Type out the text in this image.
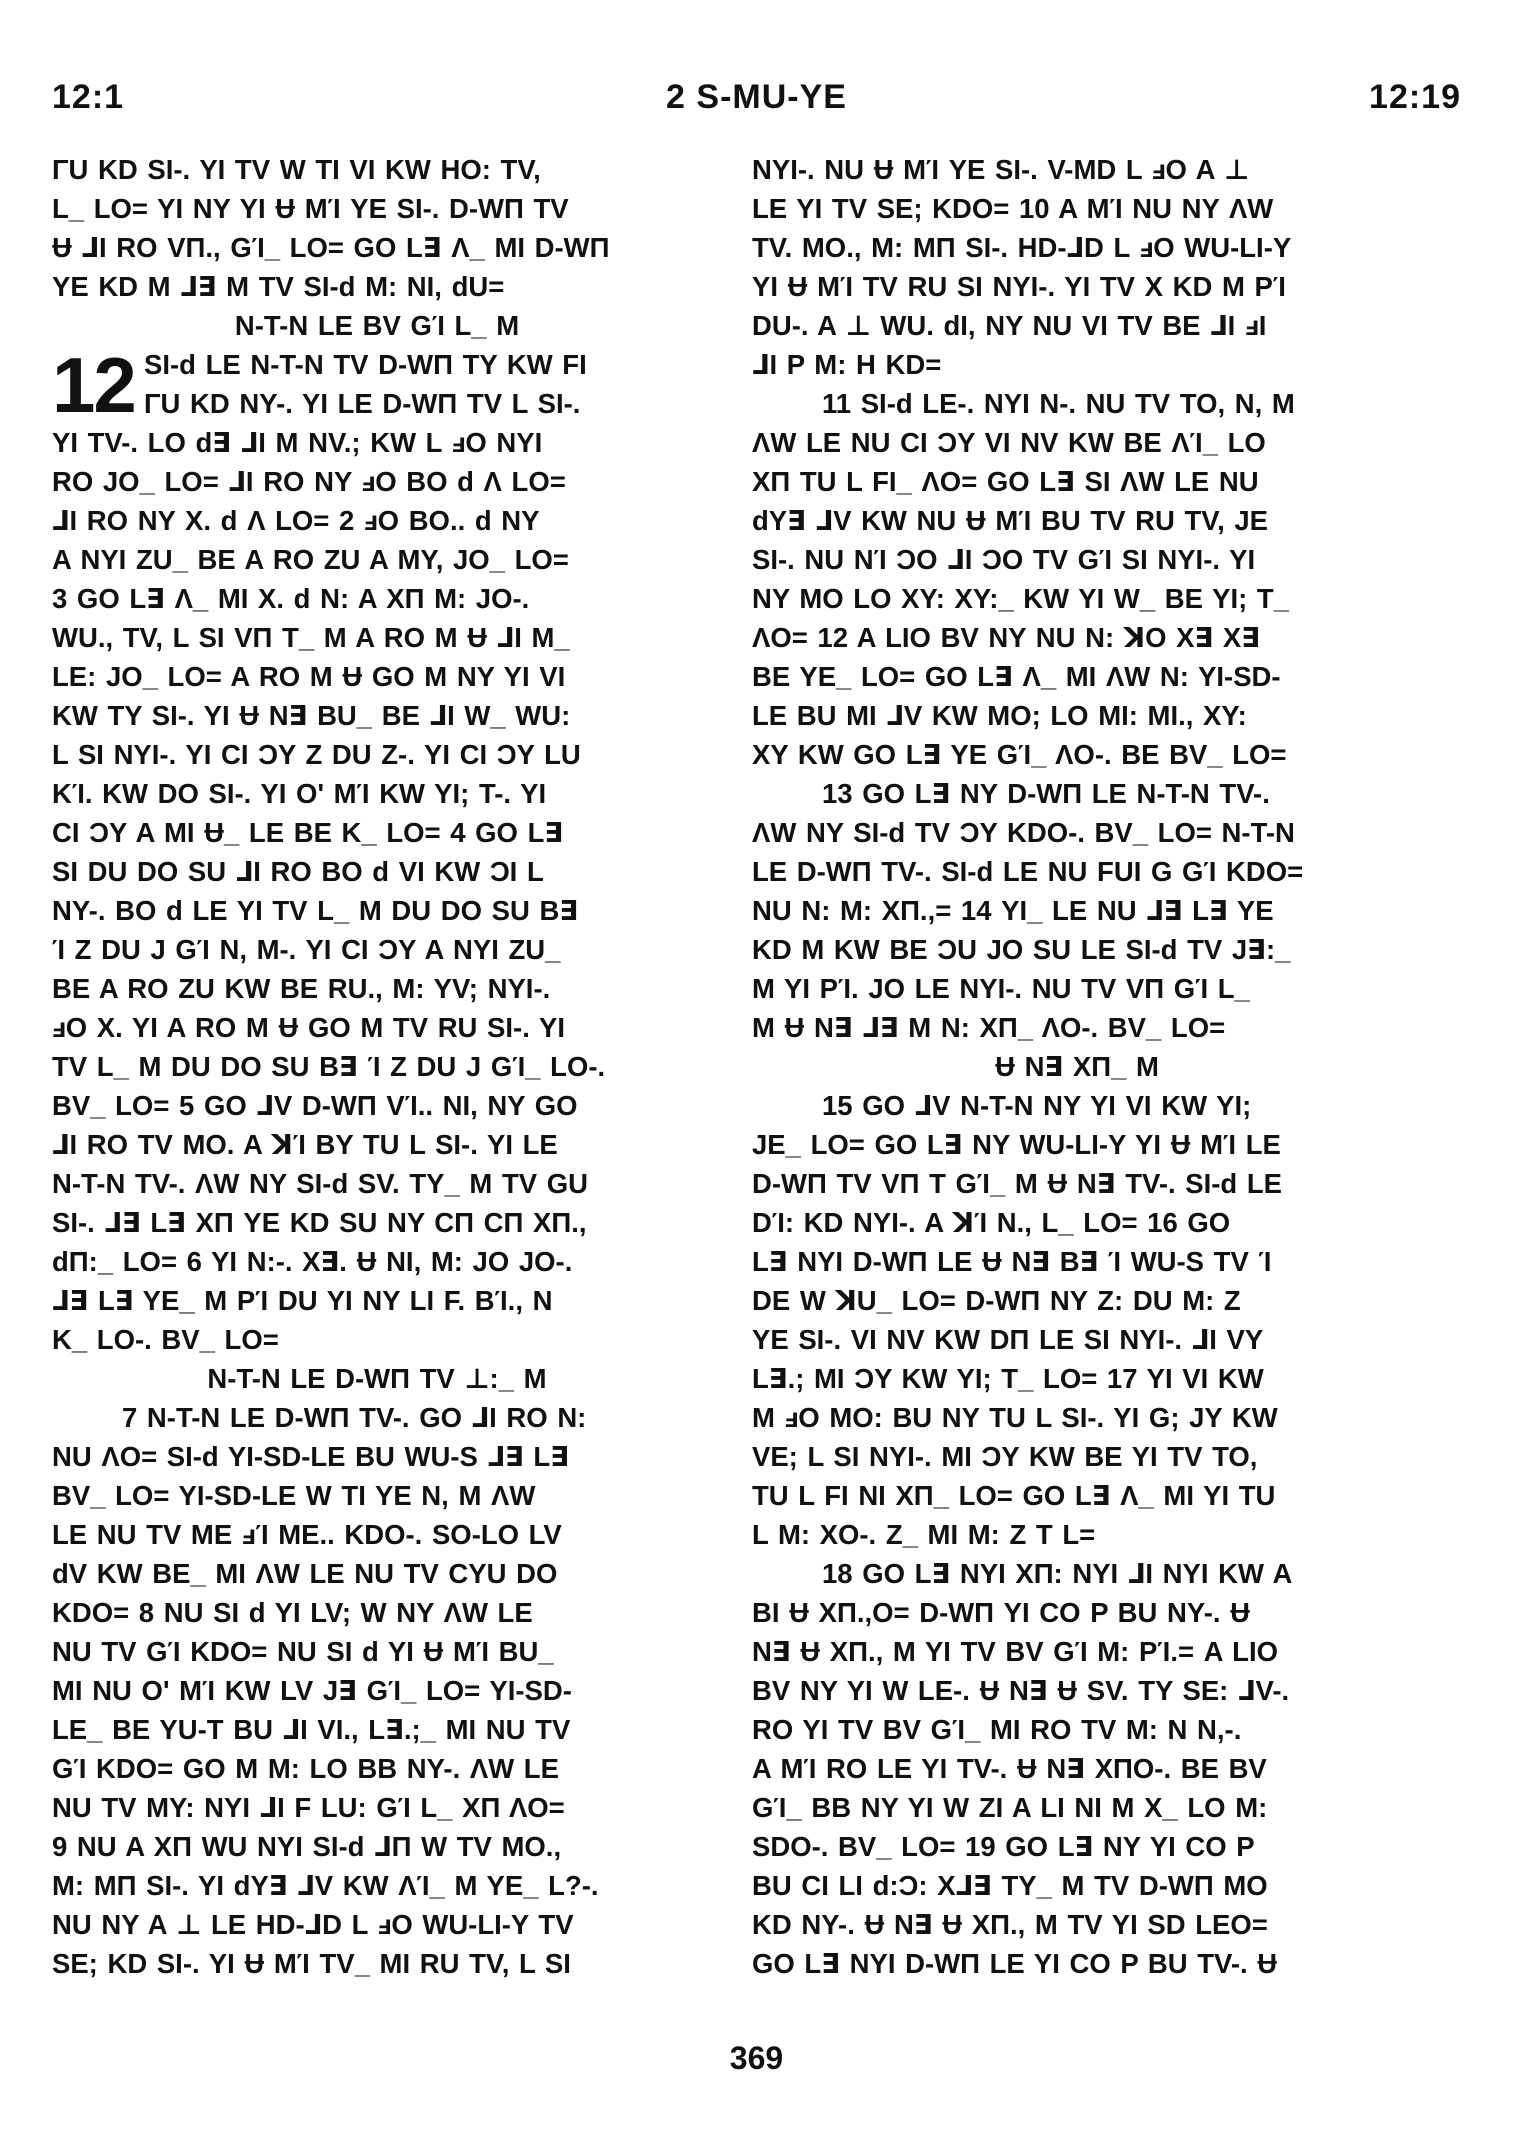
12:1	2 S-MU-YE	12:19
ΓU KD SI-. YI TV W TI VI KW HO: TV,
L_ LO= YI NY YI Ʉ MΊ YE SI-. D-WΠ TV
Ʉ ⅃I RO VΠ., GΊ_ LO= GO L∃ Λ_ MI D-WΠ
YE KD M ⅃∃ M TV SI-d M: NI, dU=
N-T-N LE BV GΊ L_ M
12 SI-d LE N-T-N TV D-WΠ TY KW FI
ΓU KD NY-. YI LE D-WΠ TV L SI-.
YI TV-. LO d∃ ⅃I M NV.; KW L ⅎO NYI
RO JO_ LO= ⅃I RO NY ⅎO BO d Λ LO=
⅃I RO NY X. d Λ LO= 2 ⅎO BO.. d NY
A NYI ZU_ BE A RO ZU A MY, JO_ LO=
3 GO L∃ Λ_ MI X. d N: A XΠ M: JO-.
WU., TV, L SI VΠ T_ M A RO M Ʉ ⅃I M_
LE: JO_ LO= A RO M Ʉ GO M NY YI VI
KW TY SI-. YI Ʉ N∃ BU_ BE ⅃I W_ WU:
L SI NYI-. YI CI ƆY Z DU Z-. YI CI ƆY LU
KΊ. KW DO SI-. YI O' MΊ KW YI; T-. YI
CI ƆY A MI Ʉ_ LE BE K_ LO= 4 GO L∃
SI DU DO SU ⅃I RO BO d VI KW ƆI L
NY-. BO d LE YI TV L_ M DU DO SU B∃
Ί Z DU J GΊ N, M-. YI CI ƆY A NYI ZU_
BE A RO ZU KW BE RU., M: YV; NYI-.
ⅎO X. YI A RO M Ʉ GO M TV RU SI-. YI
TV L_ M DU DO SU B∃ Ί Z DU J GΊ_ LO-.
BV_ LO= 5 GO ⅃V D-WΠ VΊ.. NI, NY GO
⅃I RO TV MO. A ꓘΊ BY TU L SI-. YI LE
N-T-N TV-. ΛW NY SI-d SV. TY_ M TV GU
SI-. ⅃∃ L∃ XΠ YE KD SU NY CΠ CΠ XΠ.,
dΠ:_ LO= 6 YI N:-. X∃. Ʉ NI, M: JO JO-.
⅃∃ L∃ YE_ M PΊ DU YI NY LI F. BΊ., N
K_ LO-. BV_ LO=
N-T-N LE D-WΠ TV ⊥:_ M
7 N-T-N LE D-WΠ TV-. GO ⅃I RO N:
NU ΛO= SI-d YI-SD-LE BU WU-S ⅃∃ L∃
BV_ LO= YI-SD-LE W TI YE N, M ΛW
LE NU TV ME ⅎΊ ME.. KDO-. SO-LO LV
dV KW BE_ MI ΛW LE NU TV CYU DO
KDO= 8 NU SI d YI LV; W NY ΛW LE
NU TV GΊ KDO= NU SI d YI Ʉ MΊ BU_
MI NU O' MΊ KW LV J∃ GΊ_ LO= YI-SD-
LE_ BE YU-T BU ⅃I VI., L∃.;_ MI NU TV
GΊ KDO= GO M M: LO BB NY-. ΛW LE
NU TV MY: NYI ⅃I F LU: GΊ L_ XΠ ΛO=
9 NU A XΠ WU NYI SI-d ⅃Π W TV MO.,
M: MΠ SI-. YI dY∃ ⅃V KW ΛΊ_ M YE_ L?-.
NU NY A ⊥ LE HD-⅃D L ⅎO WU-LI-Y TV
SE; KD SI-. YI Ʉ MΊ TV_ MI RU TV, L SI
NYI-. NU Ʉ MΊ YE SI-. V-MD L ⅎO A ⊥
LE YI TV SE; KDO= 10 A MΊ NU NY ΛW
TV. MO., M: MΠ SI-. HD-⅃D L ⅎO WU-LI-Y
YI Ʉ MΊ TV RU SI NYI-. YI TV X KD M PΊ
DU-. A ⊥ WU. dI, NY NU VI TV BE ⅃I ⅎI
⅃I P M: H KD=
11 SI-d LE-. NYI N-. NU TV TO, N, M
ΛW LE NU CI ƆY VI NV KW BE ΛΊ_ LO
XΠ TU L FI_ ΛO= GO L∃ SI ΛW LE NU
dY∃ ⅃V KW NU Ʉ MΊ BU TV RU TV, JE
SI-. NU NΊ ƆO ⅃I ƆO TV GΊ SI NYI-. YI
NY MO LO XY: XY:_ KW YI W_ BE YI; T_
ΛO= 12 A LIO BV NY NU N: ꓘO X∃ X∃
BE YE_ LO= GO L∃ Λ_ MI ΛW N: YI-SD-
LE BU MI ⅃V KW MO; LO MI: MI., XY:
XY KW GO L∃ YE GΊ_ ΛO-. BE BV_ LO=
13 GO L∃ NY D-WΠ LE N-T-N TV-.
ΛW NY SI-d TV ƆY KDO-. BV_ LO= N-T-N
LE D-WΠ TV-. SI-d LE NU FUI G GΊ KDO=
NU N: M: XΠ.,= 14 YI_ LE NU ⅃∃ L∃ YE
KD M KW BE ƆU JO SU LE SI-d TV J∃:_
M YI PΊ. JO LE NYI-. NU TV VΠ GΊ L_
M Ʉ N∃ ⅃∃ M N: XΠ_ ΛO-. BV_ LO=
Ʉ N∃ XΠ_ M
15 GO ⅃V N-T-N NY YI VI KW YI;
JE_ LO= GO L∃ NY WU-LI-Y YI Ʉ MΊ LE
D-WΠ TV VΠ T GΊ_ M Ʉ N∃ TV-. SI-d LE
DΊ: KD NYI-. A ꓘΊ N., L_ LO= 16 GO
L∃ NYI D-WΠ LE Ʉ N∃ B∃ Ί WU-S TV Ί
DE W ꓘU_ LO= D-WΠ NY Z: DU M: Z
YE SI-. VI NV KW DΠ LE SI NYI-. ⅃I VY
L∃.; MI ƆY KW YI; T_ LO= 17 YI VI KW
M ⅎO MO: BU NY TU L SI-. YI G; JY KW
VE; L SI NYI-. MI ƆY KW BE YI TV TO,
TU L FI NI XΠ_ LO= GO L∃ Λ_ MI YI TU
L M: XO-. Z_ MI M: Z T L=
18 GO L∃ NYI XΠ: NYI ⅃I NYI KW A
BI Ʉ XΠ.,O= D-WΠ YI CO P BU NY-. Ʉ
N∃ Ʉ XΠ., M YI TV BV GΊ M: PΊ.= A LIO
BV NY YI W LE-. Ʉ N∃ Ʉ SV. TY SE: ⅃V-.
RO YI TV BV GΊ_ MI RO TV M: N N,-.
A MΊ RO LE YI TV-. Ʉ N∃ XΠO-. BE BV
GΊ_ BB NY YI W ZI A LI NI M X_ LO M:
SDO-. BV_ LO= 19 GO L∃ NY YI CO P
BU CI LI d:Ɔ: X⅃∃ TY_ M TV D-WΠ MO
KD NY-. Ʉ N∃ Ʉ XΠ., M TV YI SD LEO=
GO L∃ NYI D-WΠ LE YI CO P BU TV-. Ʉ
369
